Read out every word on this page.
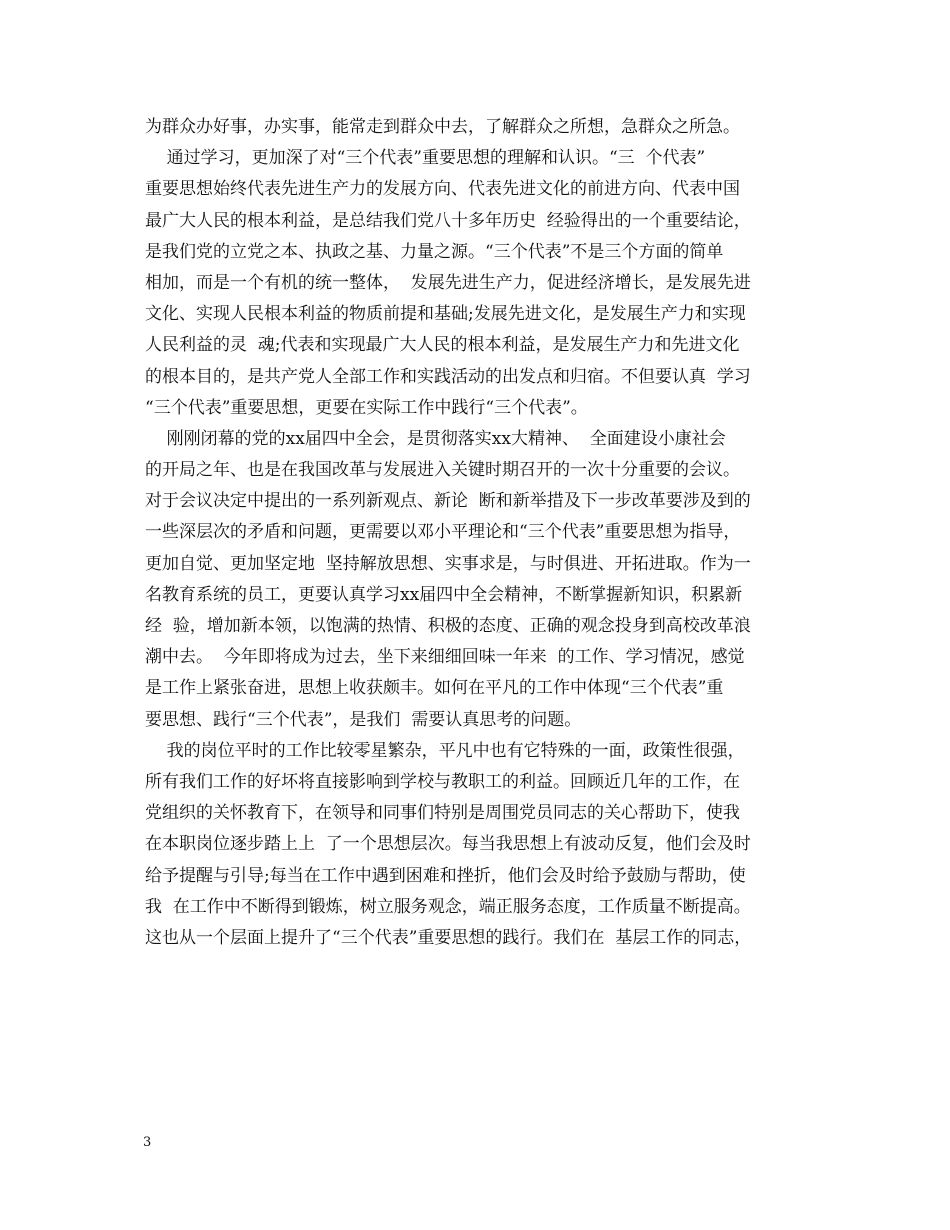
为群众办好事，办实事，能常走到群众中去，了解群众之所想，急群众之所急。
通过学习，更加深了对“三个代表”重要思想的理解和认识。“三  个代表”
重要思想始终代表先进生产力的发展方向、代表先进文化的前进方向、代表中国
最广大人民的根本利益，是总结我们党八十多年历史  经验得出的一个重要结论，
是我们党的立党之本、执政之基、力量之源。“三个代表”不是三个方面的简单
相加，而是一个有机的统一整体，  发展先进生产力，促进经济增长，是发展先进
文化、实现人民根本利益的物质前提和基础;发展先进文化，是发展生产力和实现
人民利益的灵  魂;代表和实现最广大人民的根本利益，是发展生产力和先进文化
的根本目的，是共产党人全部工作和实践活动的出发点和归宿。不但要认真  学习
“三个代表”重要思想，更要在实际工作中践行“三个代表”。
刚刚闭幕的党的xx届四中全会，是贯彻落实xx大精神、  全面建设小康社会
的开局之年、也是在我国改革与发展进入关键时期召开的一次十分重要的会议。
对于会议决定中提出的一系列新观点、新论  断和新举措及下一步改革要涉及到的
一些深层次的矛盾和问题，更需要以邓小平理论和“三个代表”重要思想为指导，
更加自觉、更加坚定地  坚持解放思想、实事求是，与时俱进、开拓进取。作为一
名教育系统的员工，更要认真学习xx届四中全会精神，不断掌握新知识，积累新
经  验，增加新本领，以饱满的热情、积极的态度、正确的观念投身到高校改革浪
潮中去。  今年即将成为过去，坐下来细细回味一年来  的工作、学习情况，感觉
是工作上紧张奋进，思想上收获颇丰。如何在平凡的工作中体现“三个代表”重
要思想、践行“三个代表”，是我们  需要认真思考的问题。
我的岗位平时的工作比较零星繁杂，平凡中也有它特殊的一面，政策性很强，
所有我们工作的好坏将直接影响到学校与教职工的利益。回顾近几年的工作，在
党组织的关怀教育下，在领导和同事们特别是周围党员同志的关心帮助下，使我
在本职岗位逐步踏上上  了一个思想层次。每当我思想上有波动反复，他们会及时
给予提醒与引导;每当在工作中遇到困难和挫折，他们会及时给予鼓励与帮助，使
我  在工作中不断得到锻炼，树立服务观念，端正服务态度，工作质量不断提高。
这也从一个层面上提升了“三个代表”重要思想的践行。我们在  基层工作的同志，
3
